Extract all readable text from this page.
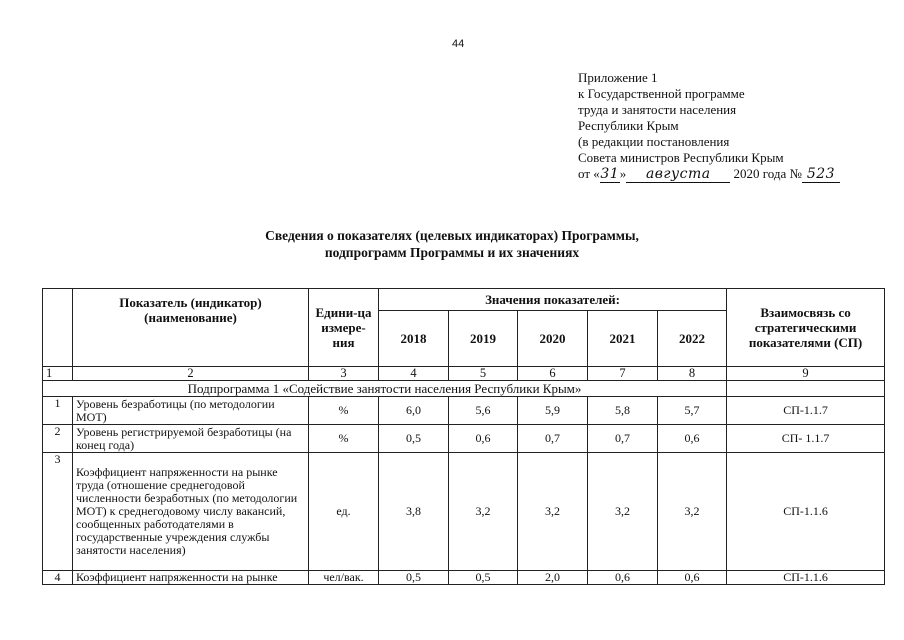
44
Приложение 1
к Государственной программе
труда и занятости населения
Республики Крым
(в редакции постановления
Совета министров Республики Крым
от «31» августа 2020 года № 523
Сведения о показателях (целевых индикаторах) Программы,
подпрограмм Программы и их значениях
	Показатель (индикатор) (наименование)	Едини-ца измере-ния	Значения показателей:					Взаимосвязь со стратегическими показателями (СП)
			2018	2019	2020	2021	2022	
1	2	3	4	5	6	7	8	9
Подпрограмма 1 «Содействие занятости населения Республики Крым»								
1	Уровень безработицы (по методологии МОТ)	%	6,0	5,6	5,9	5,8	5,7	СП-1.1.7
2	Уровень регистрируемой безработицы (на конец года)	%	0,5	0,6	0,7	0,7	0,6	СП- 1.1.7
3	Коэффициент напряженности на рынке труда (отношение среднегодовой численности безработных (по методологии МОТ) к среднегодовому числу вакансий, сообщенных работодателями в государственные учреждения службы занятости населения)	ед.	3,8	3,2	3,2	3,2	3,2	СП-1.1.6
4	Коэффициент напряженности на рынке	чел/вак.	0,5	0,5	2,0	0,6	0,6	СП-1.1.6
